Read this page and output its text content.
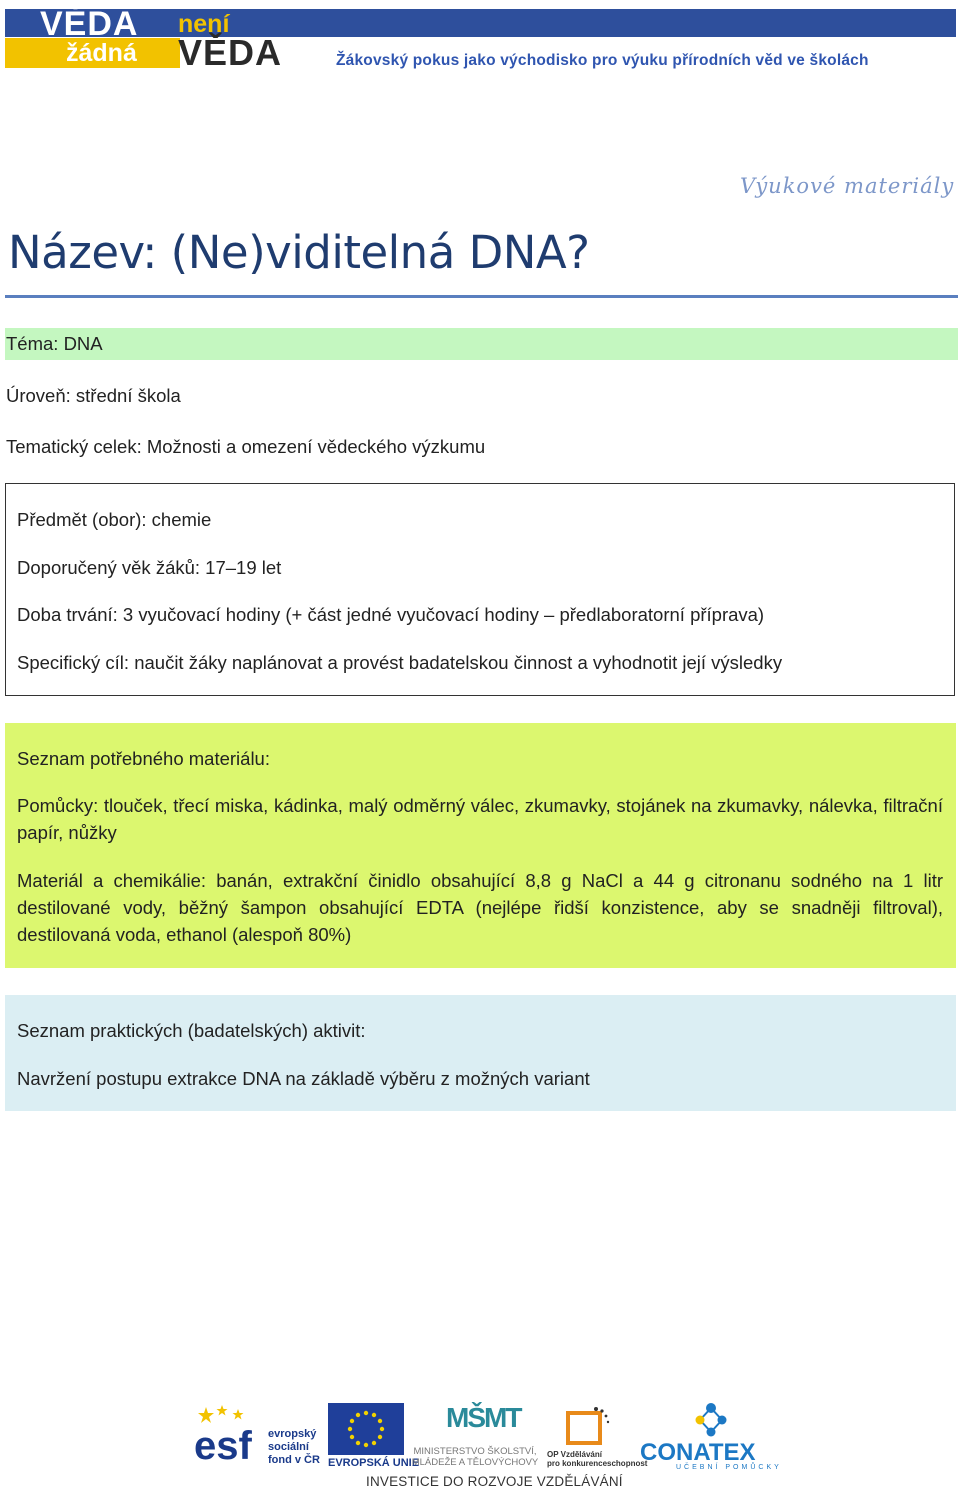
VĚDA není
žádná VĚDA	Žákovský pokus jako východisko pro výuku přírodních věd ve školách
Výukové materiály
Název: (Ne)viditelná DNA?
Téma: DNA
Úroveň: střední škola
Tematický celek: Možnosti a omezení vědeckého výzkumu
Předmět (obor): chemie
Doporučený věk žáků: 17–19 let
Doba trvání: 3 vyučovací hodiny (+ část jedné vyučovací hodiny – předlaboratorní příprava)
Specifický cíl: naučit žáky naplánovat a provést badatelskou činnost a vyhodnotit její výsledky
Seznam potřebného materiálu:
Pomůcky: tlouček, třecí miska, kádinka, malý odměrný válec, zkumavky, stojánek na zkumavky, nálevka, filtrační papír, nůžky
Materiál a chemikálie: banán, extrakční činidlo obsahující 8,8 g NaCl a 44 g citronanu sodného na 1 litr destilované vody, běžný šampon obsahující EDTA (nejlépe řidší konzistence, aby se snadněji filtroval), destilovaná voda, ethanol (alespoň 80%)
Seznam praktických (badatelských) aktivit:
Navržení postupu extrakce DNA na základě výběru z možných variant
esf evropský
sociální
fond v ČR EVROPSKÁ UNIE
MŠMT
MINISTERSTVO ŠKOLSTVÍ,
MLÁDEŽE A TĚLOVÝCHOVY
OP Vzdělávání
pro konkurenceschopnost
CONATEX
UČEBNÍ POMŮCKY
INVESTICE DO ROZVOJE VZDĚLÁVÁNÍ
